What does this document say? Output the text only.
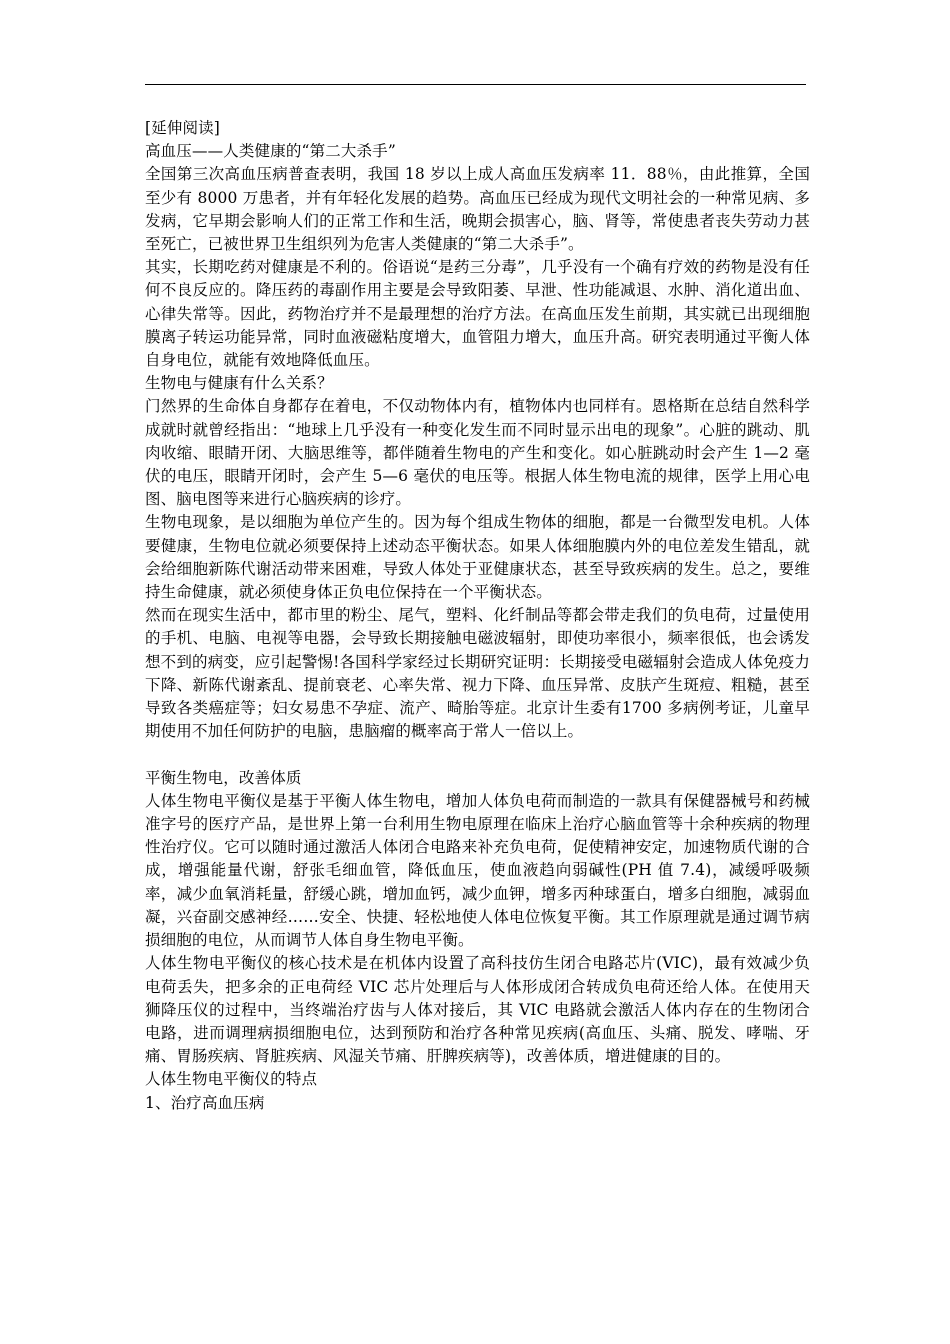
[延伸阅读]

高血压——人类健康的“第二大杀手”

全国第三次高血压病普查表明，我国 18 岁以上成人高血压发病率 11．88％，由此推算，全国至少有 8000 万患者，并有年轻化发展的趋势。高血压已经成为现代文明社会的一种常见病、多发病，它早期会影响人们的正常工作和生活，晚期会损害心，脑、肾等，常使患者丧失劳动力甚至死亡，已被世界卫生组织列为危害人类健康的“第二大杀手”。

其实，长期吃药对健康是不利的。俗语说“是药三分毒”，几乎没有一个确有疗效的药物是没有任何不良反应的。降压药的毒副作用主要是会导致阳萎、早泄、性功能减退、水肿、消化道出血、心律失常等。因此，药物治疗并不是最理想的治疗方法。在高血压发生前期，其实就已出现细胞膜离子转运功能异常，同时血液磁粘度增大，血管阻力增大，血压升高。研究表明通过平衡人体自身电位，就能有效地降低血压。

生物电与健康有什么关系？

门然界的生命体自身都存在着电，不仅动物体内有，植物体内也同样有。恩格斯在总结自然科学成就时就曾经指出：“地球上几乎没有一种变化发生而不同时显示出电的现象”。心脏的跳动、肌肉收缩、眼睛开闭、大脑思维等，都伴随着生物电的产生和变化。如心脏跳动时会产生 1—2 毫伏的电压，眼睛开闭时，会产生 5—6 毫伏的电压等。根据人体生物电流的规律，医学上用心电图、脑电图等来进行心脑疾病的诊疗。

生物电现象，是以细胞为单位产生的。因为每个组成生物体的细胞，都是一台微型发电机。人体要健康，生物电位就必须要保持上述动态平衡状态。如果人体细胞膜内外的电位差发生错乱，就会给细胞新陈代谢活动带来困难，导致人体处于亚健康状态，甚至导致疾病的发生。总之，要维持生命健康，就必须使身体正负电位保持在一个平衡状态。

然而在现实生活中，都市里的粉尘、尾气，塑料、化纤制品等都会带走我们的负电荷，过量使用的手机、电脑、电视等电器，会导致长期接触电磁波辐射，即使功率很小，频率很低，也会诱发想不到的病变，应引起警惕!各国科学家经过长期研究证明：长期接受电磁辐射会造成人体免疫力下降、新陈代谢紊乱、提前衰老、心率失常、视力下降、血压异常、皮肤产生斑痘、粗糙，甚至导致各类癌症等；妇女易患不孕症、流产、畸胎等症。北京计生委有1700 多病例考证，儿童早期使用不加任何防护的电脑，患脑瘤的概率高于常人一倍以上。

平衡生物电，改善体质

人体生物电平衡仪是基于平衡人体生物电，增加人体负电荷而制造的一款具有保健器械号和药械准字号的医疗产品，是世界上第一台利用生物电原理在临床上治疗心脑血管等十余种疾病的物理性治疗仪。它可以随时通过激活人体闭合电路来补充负电荷，促使精神安定，加速物质代谢的合成，增强能量代谢，舒张毛细血管，降低血压，使血液趋向弱碱性(PH 值 7.4)，减缓呼吸频率，减少血氧消耗量，舒缓心跳，增加血钙，减少血钾，增多丙种球蛋白，增多白细胞，减弱血凝，兴奋副交感神经……安全、快捷、轻松地使人体电位恢复平衡。其工作原理就是通过调节病损细胞的电位，从而调节人体自身生物电平衡。

人体生物电平衡仪的核心技术是在机体内设置了高科技仿生闭合电路芯片(VIC)，最有效减少负电荷丢失，把多余的正电荷经 VIC 芯片处理后与人体形成闭合转成负电荷还给人体。在使用天狮降压仪的过程中，当终端治疗齿与人体对接后，其 VIC 电路就会激活人体内存在的生物闭合电路，进而调理病损细胞电位，达到预防和治疗各种常见疾病(高血压、头痛、脱发、哮喘、牙痛、胃肠疾病、肾脏疾病、风湿关节痛、肝脾疾病等)，改善体质，增进健康的目的。

人体生物电平衡仪的特点

1、治疗高血压病
